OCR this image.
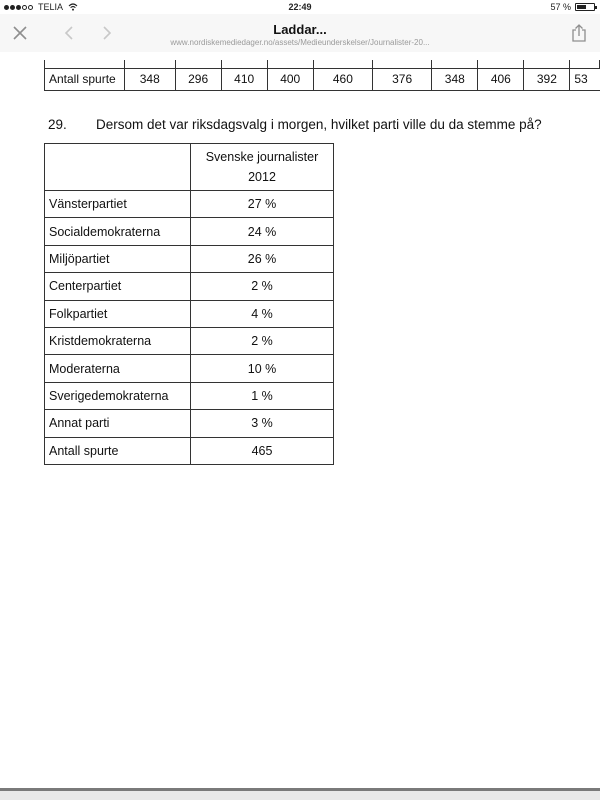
TELIA	22:49	57 %
Laddar...
www.nordiskemediedager.no/assets/Medieunderskelser/Journalister-20...

Antall spurte	348	296	410	400	460	376	348	406	392	53
29.	Dersom det var riksdagsvalg i morgen, hvilket parti ville du da stemme på?

	Svenske journalister
2012

Vänsterpartiet	27 %
Socialdemokraterna	24 %
Miljöpartiet	26 %
Centerpartiet	2 %
Folkpartiet	4 %
Kristdemokraterna	2 %
Moderaterna	10 %
Sverigedemokraterna	1 %
Annat parti	3 %
Antall spurte	465
